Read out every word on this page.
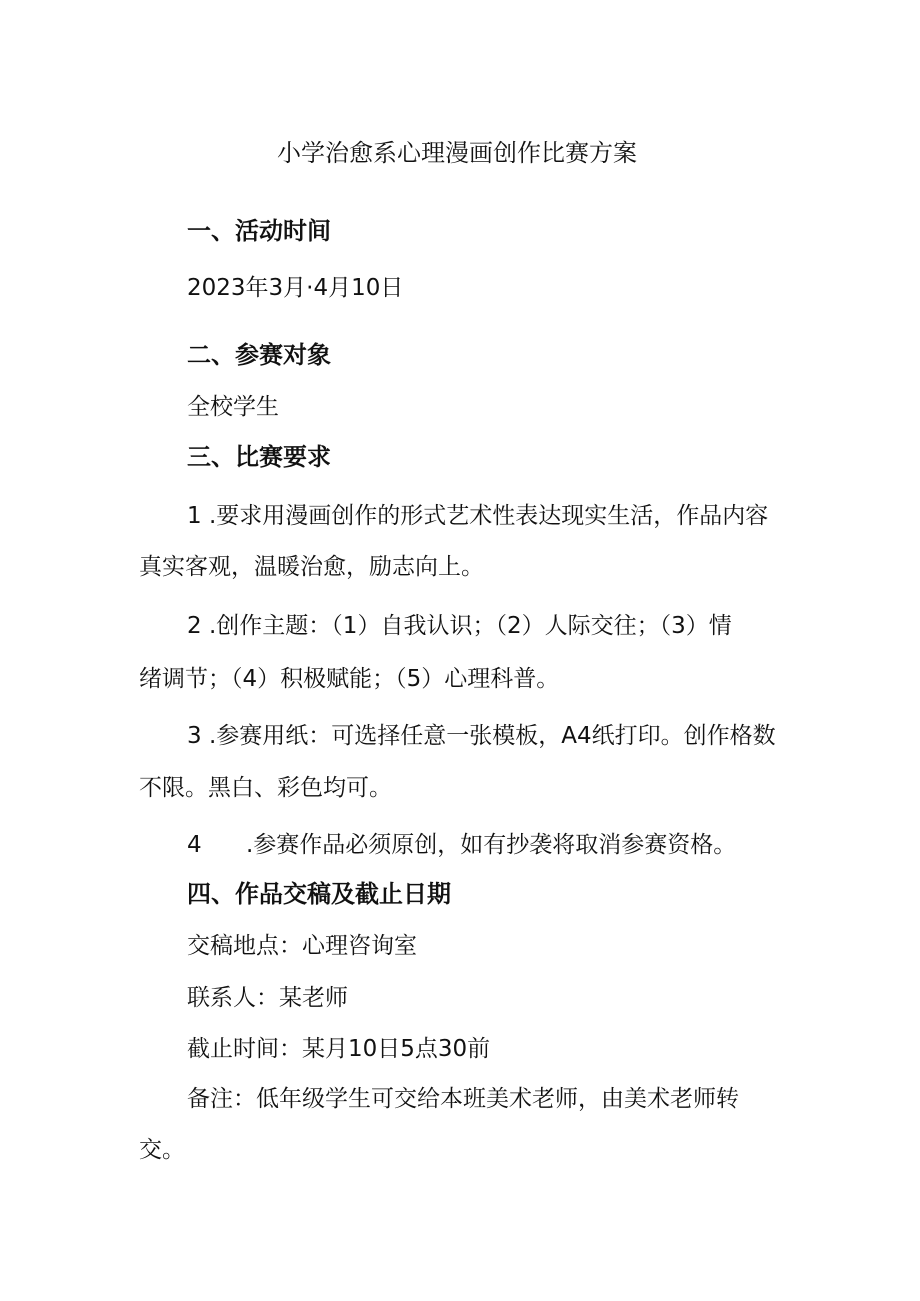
小学治愈系心理漫画创作比赛方案
一、活动时间
2023年3月·4月10日
二、参赛对象
全校学生
三、比赛要求
1 .要求用漫画创作的形式艺术性表达现实生活，作品内容
真实客观，温暖治愈，励志向上。
2 .创作主题：（1）自我认识；（2）人际交往；（3）情
绪调节；（4）积极赋能；（5）心理科普。
3 .参赛用纸：可选择任意一张模板，A4纸打印。创作格数
不限。黑白、彩色均可。
4 .参赛作品必须原创，如有抄袭将取消参赛资格。
四、作品交稿及截止日期
交稿地点：心理咨询室
联系人：某老师
截止时间：某月10日5点30前
备注：低年级学生可交给本班美术老师，由美术老师转
交。
